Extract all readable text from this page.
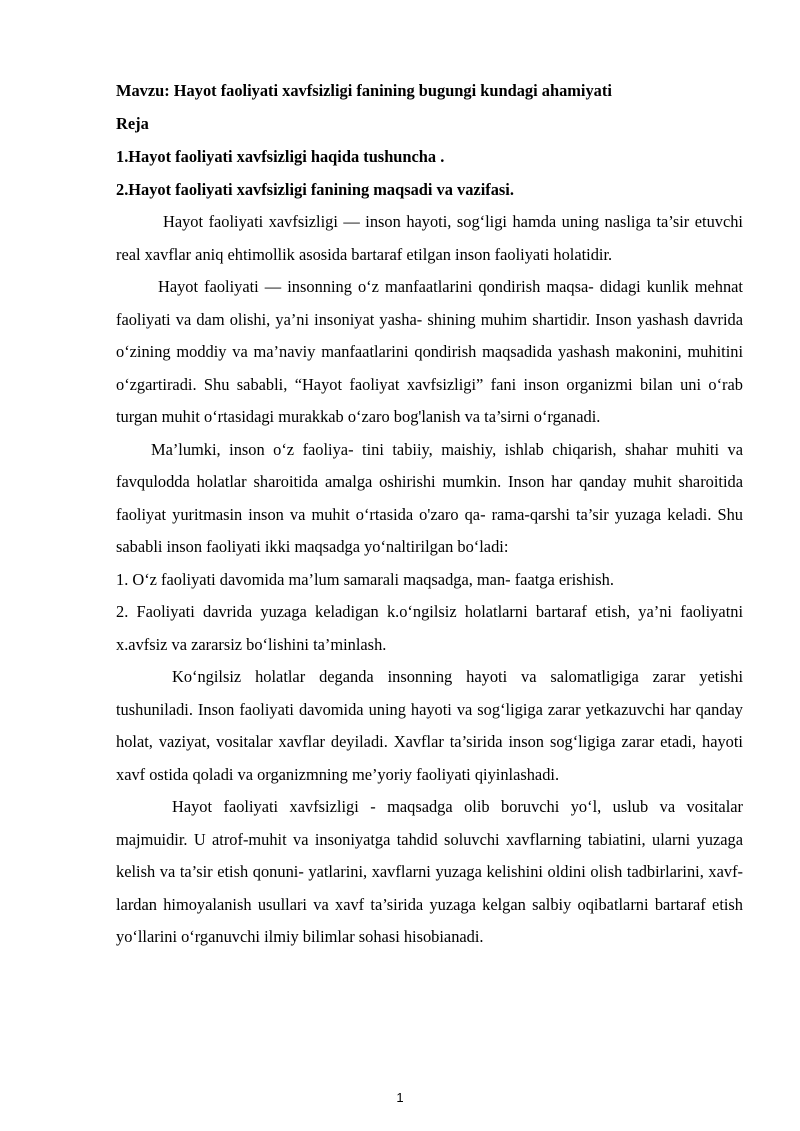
Mavzu: Hayot faoliyati xavfsizligi fanining bugungi kundagi ahamiyati

Reja

1.Hayot faoliyati xavfsizligi haqida tushuncha .

2.Hayot faoliyati xavfsizligi fanining maqsadi va vazifasi.

Hayot faoliyati xavfsizligi — inson hayoti, sog‘ligi hamda uning nasliga ta’sir etuvchi real xavflar aniq ehtimollik asosida bartaraf etilgan inson faoliyati holatidir.

Hayot faoliyati — insonning o‘z manfaatlarini qondirish maqsa- didagi kunlik mehnat faoliyati va dam olishi, ya’ni insoniyat yasha- shining muhim shartidir. Inson yashash davrida o‘zining moddiy va ma’naviy manfaatlarini qondirish maqsadida yashash makonini, muhitini o‘zgartiradi. Shu sababli, “Hayot faoliyat xavfsizligi” fani inson organizmi bilan uni o‘rab turgan muhit o‘rtasidagi murakkab o‘zaro bog'lanish va ta’sirni o‘rganadi.

Ma’lumki, inson o‘z faoliya- tini tabiiy, maishiy, ishlab chiqarish, shahar muhiti va favqulodda holatlar sharoitida amalga oshirishi mumkin. Inson har qanday muhit sharoitida faoliyat yuritmasin inson va muhit o‘rtasida o'zaro qa- rama-qarshi ta’sir yuzaga keladi. Shu sababli inson faoliyati ikki maqsadga yo‘naltirilgan bo‘ladi:

1. O‘z faoliyati davomida ma’lum samarali maqsadga, man- faatga erishish.

2. Faoliyati davrida yuzaga keladigan k.o‘ngilsiz holatlarni bartaraf etish, ya’ni faoliyatni x.avfsiz va zararsiz bo‘lishini ta’minlash.

Ko‘ngilsiz holatlar deganda insonning hayoti va salomatligiga zarar yetishi tushuniladi. Inson faoliyati davomida uning hayoti va sog‘ligiga zarar yetkazuvchi har qanday holat, vaziyat, vositalar xavflar deyiladi. Xavflar ta’sirida inson sog‘ligiga zarar etadi, hayoti xavf ostida qoladi va organizmning me’yoriy faoliyati qiyinlashadi.

Hayot faoliyati xavfsizligi - maqsadga olib boruvchi yo‘l, uslub va vositalar majmuidir. U atrof-muhit va insoniyatga tahdid soluvchi xavflarning tabiatini, ularni yuzaga kelish va ta’sir etish qonuni- yatlarini, xavflarni yuzaga kelishini oldini olish tadbirlarini, xavf- lardan himoyalanish usullari va xavf ta’sirida yuzaga kelgan salbiy oqibatlarni bartaraf etish yo‘llarini o‘rganuvchi ilmiy bilimlar sohasi hisobianadi.

1
